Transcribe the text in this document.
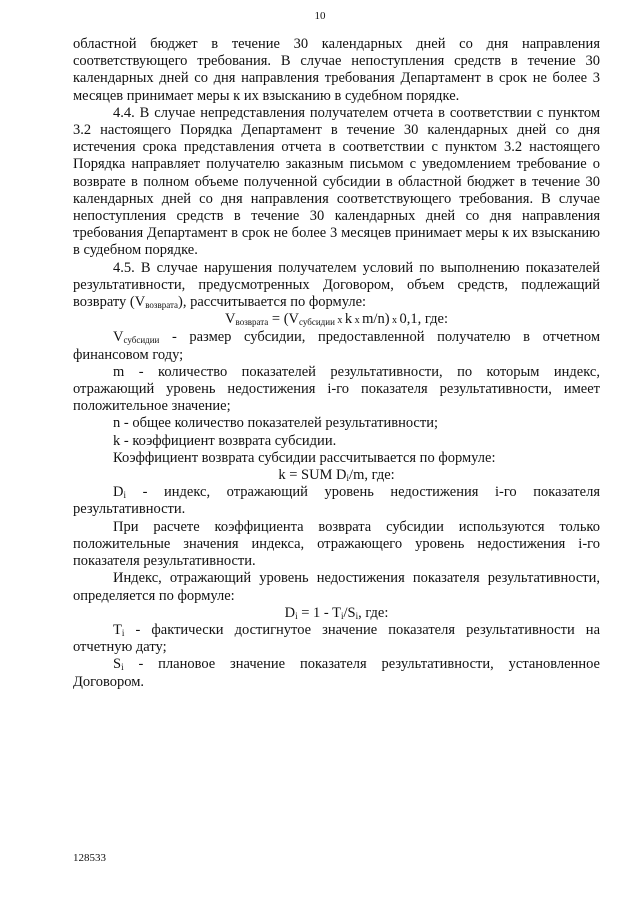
10

областной бюджет в течение 30 календарных дней со дня направления соответствующего требования. В случае непоступления средств в течение 30 календарных дней со дня направления требования Департамент в срок не более 3 месяцев принимает меры к их взысканию в судебном порядке.

4.4. В случае непредставления получателем отчета в соответствии с пунктом 3.2 настоящего Порядка Департамент в течение 30 календарных дней со дня истечения срока представления отчета в соответствии с пунктом 3.2 настоящего Порядка направляет получателю заказным письмом с уведомлением требование о возврате в полном объеме полученной субсидии в областной бюджет в течение 30 календарных дней со дня направления соответствующего требования. В случае непоступления средств в течение 30 календарных дней со дня направления требования Департамент в срок не более 3 месяцев принимает меры к их взысканию в судебном порядке.

4.5. В случае нарушения получателем условий по выполнению показателей результативности, предусмотренных Договором, объем средств, подлежащий возврату $(V_{возврата})$, рассчитывается по формуле:

$V_{возврата} = (V_{субсидии}$ x k x m/n) x 0,1, где:

$V_{субсидии}$ - размер субсидии, предоставленной получателю в отчетном финансовом году;

m - количество показателей результативности, по которым индекс, отражающий уровень недостижения i-го показателя результативности, имеет положительное значение;

n - общее количество показателей результативности;

k - коэффициент возврата субсидии.

Коэффициент возврата субсидии рассчитывается по формуле:

k = SUM $D_i/m$, где:

$D_i$ - индекс, отражающий уровень недостижения i-го показателя результативности.

При расчете коэффициента возврата субсидии используются только положительные значения индекса, отражающего уровень недостижения i-го показателя результативности.

Индекс, отражающий уровень недостижения показателя результативности, определяется по формуле:

$D_i = 1 - T_i/S_i$, где:

$T_i$ - фактически достигнутое значение показателя результативности на отчетную дату;

$S_i$ - плановое значение показателя результативности, установленное Договором.

128533
